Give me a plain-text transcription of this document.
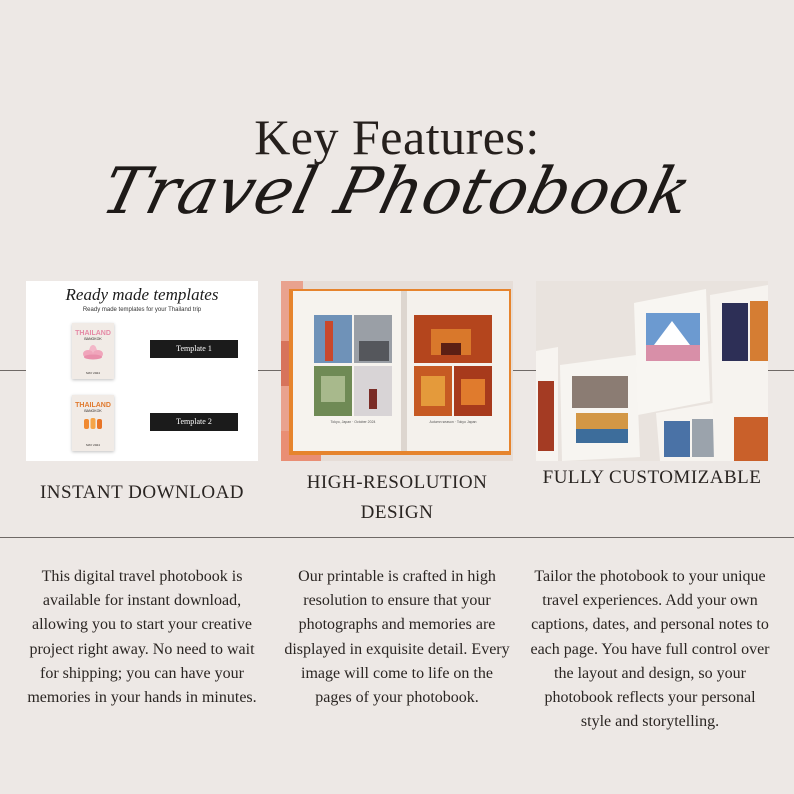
Key Features:
Travel Photobook
Ready made templates
Ready made templates for your Thailand trip
THAILAND
BANGKOK
MAY 2024
Template 1
THAILAND
BANGKOK
MAY 2024
Template 2	Tokyo, Japan · October 2024	Autumn season · Tokyo Japan
INSTANT DOWNLOAD	HIGH-RESOLUTION DESIGN
FULLY CUSTOMIZABLE
This digital travel photobook is available for instant download, allowing you to start your creative project right away. No need to wait for shipping; you can have your memories in your hands in minutes.
Our printable is crafted in high resolution to ensure that your photographs and memories are displayed in exquisite detail. Every image will come to life on the pages of your photobook.
Tailor the photobook to your unique travel experiences. Add your own captions, dates, and personal notes to each page. You have full control over the layout and design, so your photobook reflects your personal style and storytelling.
